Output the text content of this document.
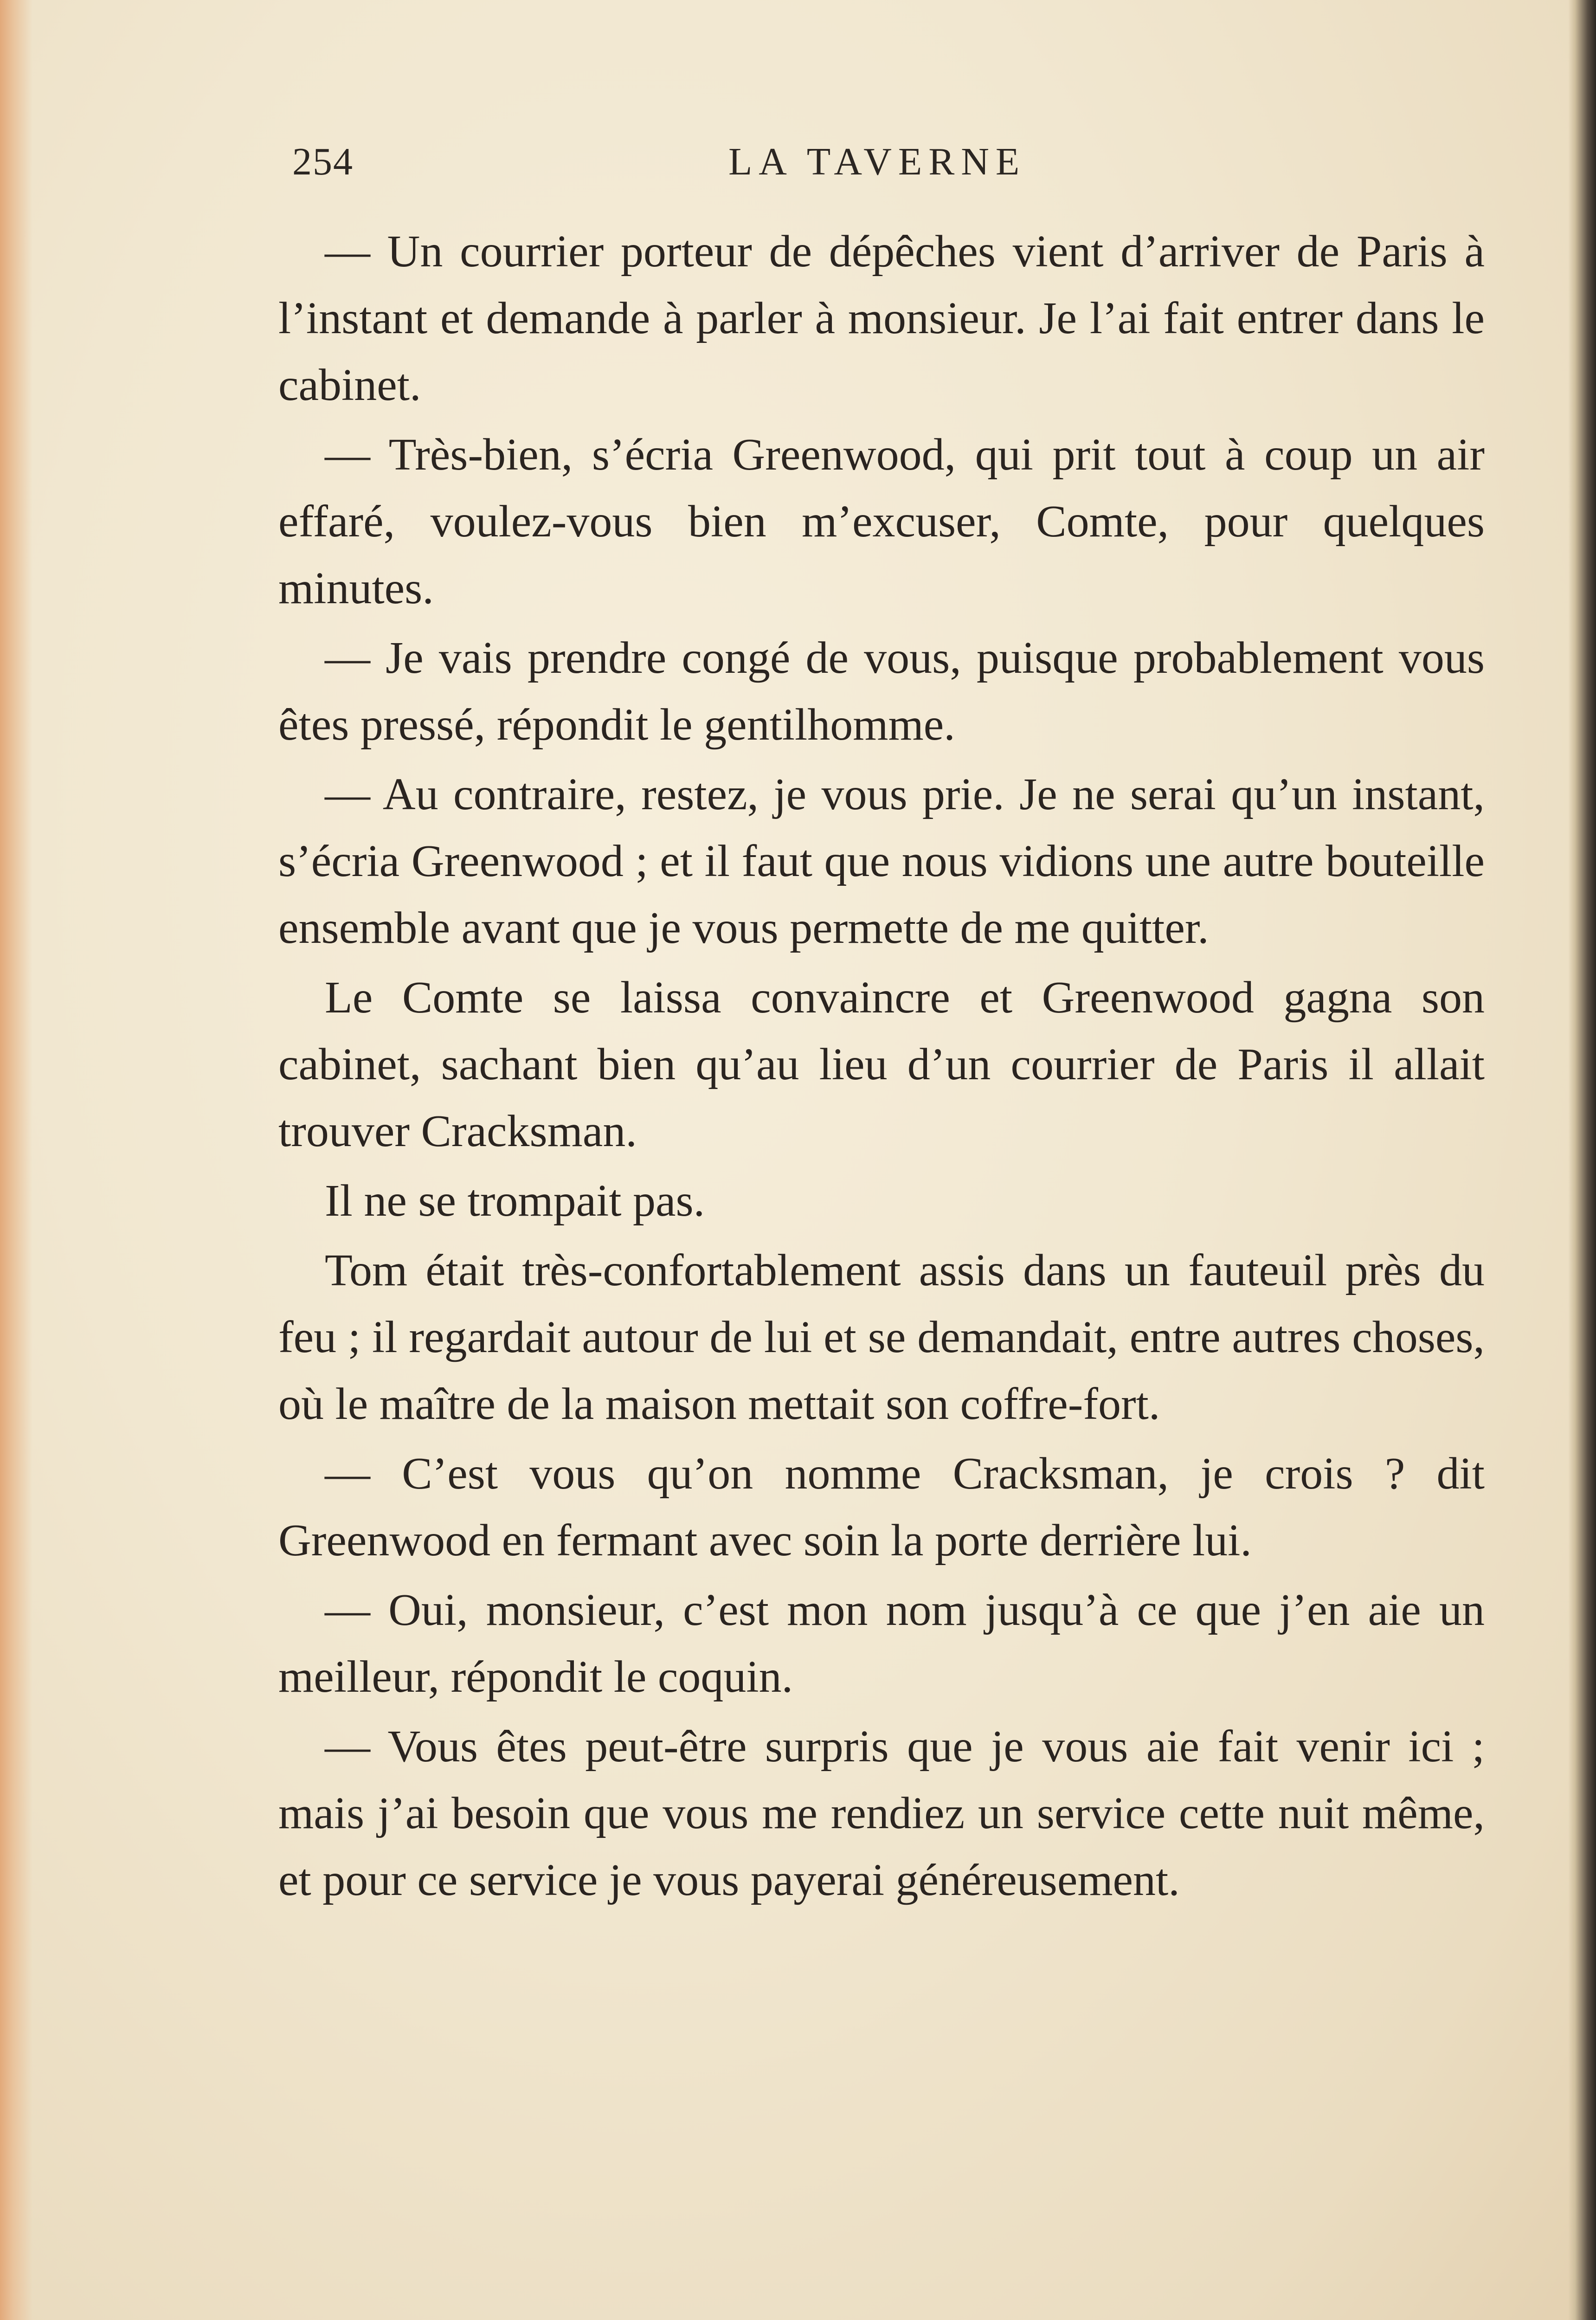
254	LA TAVERNE

— Un courrier porteur de dépêches vient d’arriver de Paris à l’instant et demande à parler à monsieur. Je l’ai fait entrer dans le cabinet.

— Très-bien, s’écria Greenwood, qui prit tout à coup un air effaré, voulez-vous bien m’excuser, Comte, pour quelques minutes.

— Je vais prendre congé de vous, puisque probablement vous êtes pressé, répondit le gentilhomme.

— Au contraire, restez, je vous prie. Je ne serai qu’un instant, s’écria Greenwood ; et il faut que nous vidions une autre bouteille ensemble avant que je vous permette de me quitter.

Le Comte se laissa convaincre et Greenwood gagna son cabinet, sachant bien qu’au lieu d’un courrier de Paris il allait trouver Cracksman.

Il ne se trompait pas.

Tom était très-confortablement assis dans un fauteuil près du feu ; il regardait autour de lui et se demandait, entre autres choses, où le maître de la maison mettait son coffre-fort.

— C’est vous qu’on nomme Cracksman, je crois ? dit Greenwood en fermant avec soin la porte derrière lui.

— Oui, monsieur, c’est mon nom jusqu’à ce que j’en aie un meilleur, répondit le coquin.

— Vous êtes peut-être surpris que je vous aie fait venir ici ; mais j’ai besoin que vous me rendiez un service cette nuit même, et pour ce service je vous payerai généreusement.
